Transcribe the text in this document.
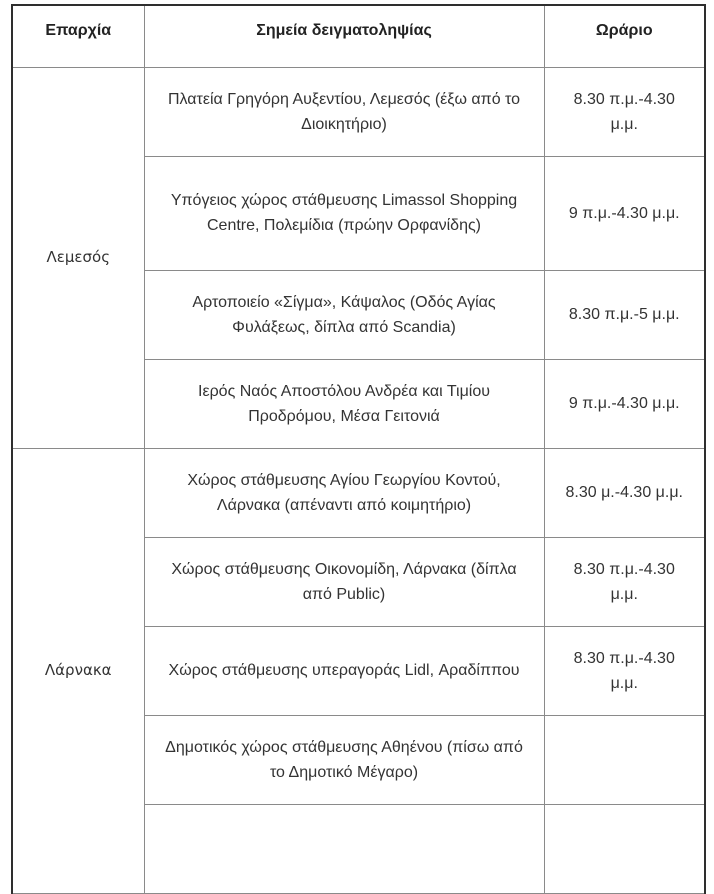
Επαρχία	Σημεία δειγματοληψίας	Ωράριο
Λεμεσός	Πλατεία Γρηγόρη Αυξεντίου, Λεμεσός (έξω από το Διοικητήριο)	8.30 π.μ.-4.30 μ.μ.
	Υπόγειος χώρος στάθμευσης Limassol Shopping Centre, Πολεμίδια (πρώην Ορφανίδης)	9 π.μ.-4.30 μ.μ.
	Αρτοποιείο «Σίγμα», Κάψαλος (Οδός Αγίας Φυλάξεως, δίπλα από Scandia)	8.30 π.μ.-5 μ.μ.
	Ιερός Ναός Αποστόλου Ανδρέα και Τιμίου Προδρόμου, Μέσα Γειτονιά	9 π.μ.-4.30 μ.μ.
Λάρνακα	Χώρος στάθμευσης Αγίου Γεωργίου Κοντού, Λάρνακα (απέναντι από κοιμητήριο)	8.30 μ.-4.30 μ.μ.
	Χώρος στάθμευσης Οικονομίδη, Λάρνακα (δίπλα από Public)	8.30 π.μ.-4.30 μ.μ.
	Χώρος στάθμευσης υπεραγοράς Lidl, Αραδίππου	8.30 π.μ.-4.30 μ.μ.
	Δημοτικός χώρος στάθμευσης Αθηένου (πίσω από το Δημοτικό Μέγαρο)	
